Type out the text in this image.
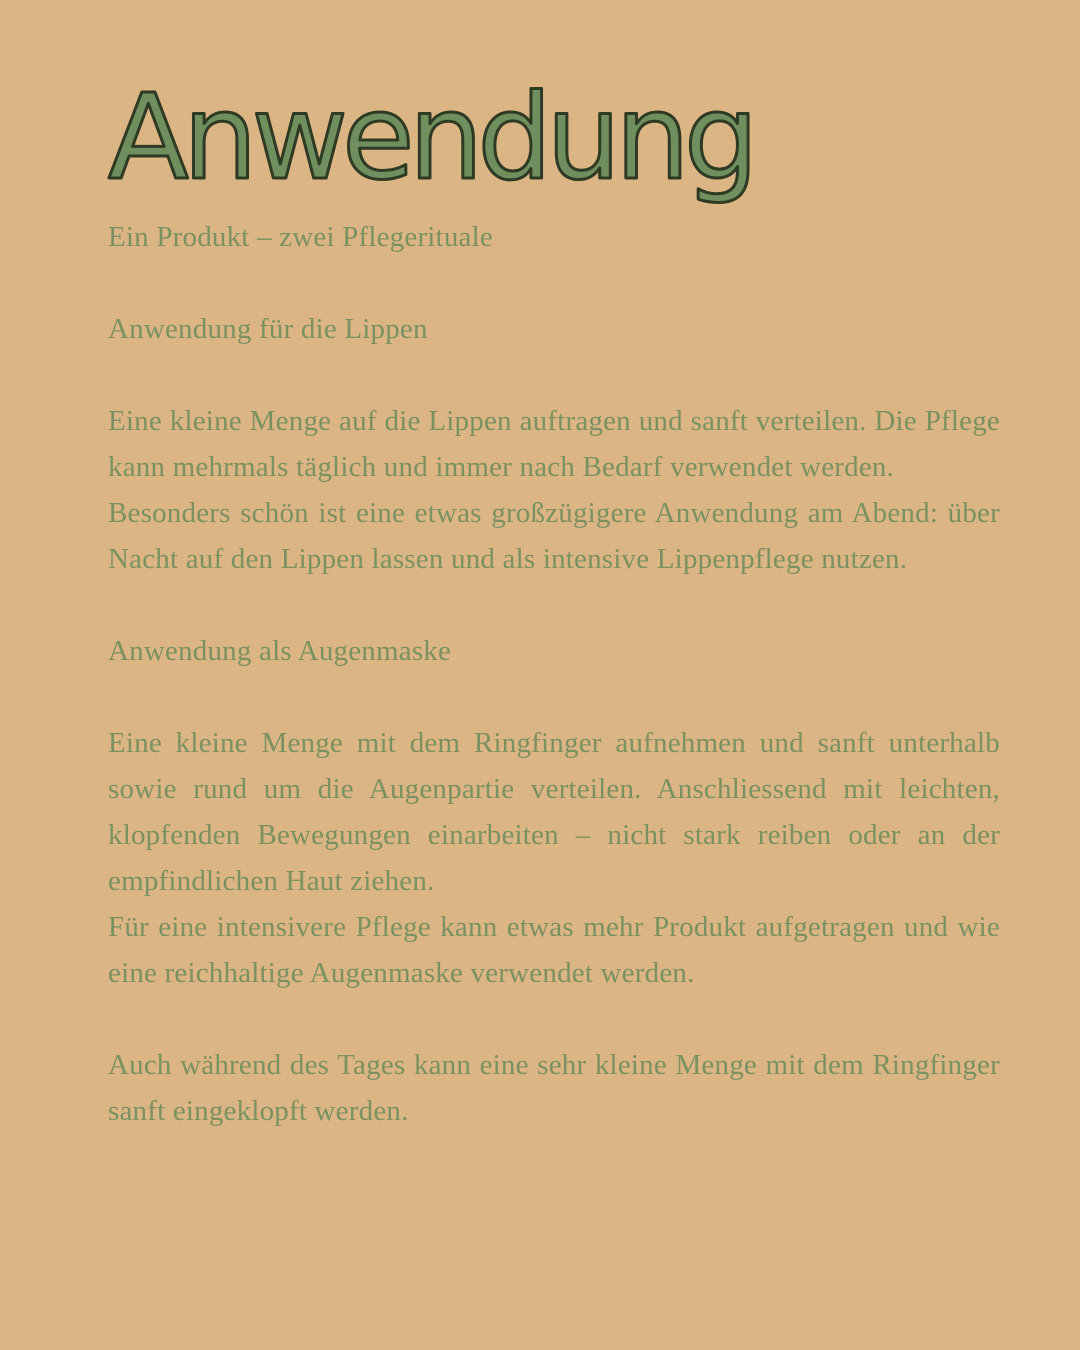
Anwendung

Ein Produkt – zwei Pflegerituale

Anwendung für die Lippen

Eine kleine Menge auf die Lippen auftragen und sanft verteilen. Die Pflege kann mehrmals täglich und immer nach Bedarf verwendet werden.

Besonders schön ist eine etwas großzügigere Anwendung am Abend: über Nacht auf den Lippen lassen und als intensive Lippenpflege nutzen.

Anwendung als Augenmaske

Eine kleine Menge mit dem Ringfinger aufnehmen und sanft unterhalb sowie rund um die Augenpartie verteilen. Anschliessend mit leichten, klopfenden Bewegungen einarbeiten – nicht stark reiben oder an der empfindlichen Haut ziehen.

Für eine intensivere Pflege kann etwas mehr Produkt aufgetragen und wie eine reichhaltige Augenmaske verwendet werden.

Auch während des Tages kann eine sehr kleine Menge mit dem Ringfinger sanft eingeklopft werden.
